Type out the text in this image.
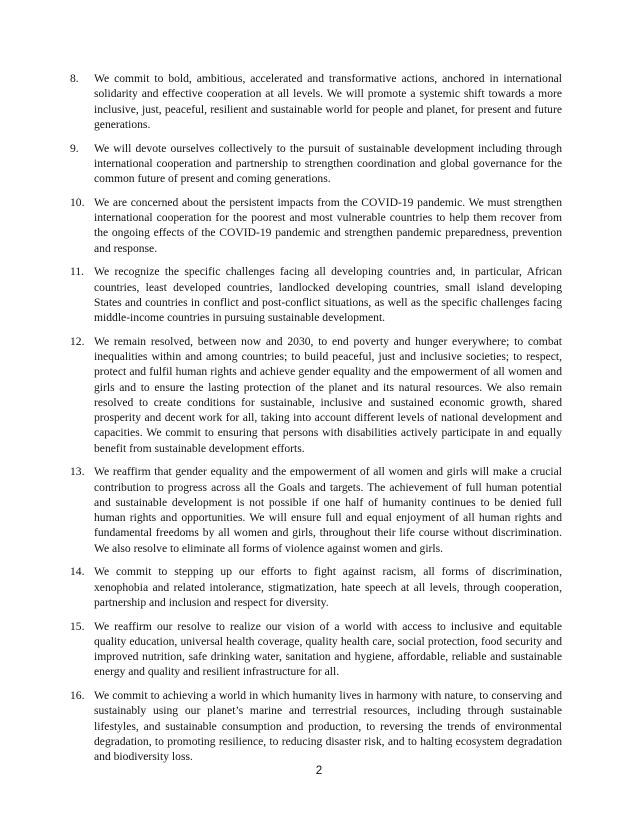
8.	We commit to bold, ambitious, accelerated and transformative actions, anchored in international solidarity and effective cooperation at all levels. We will promote a systemic shift towards a more inclusive, just, peaceful, resilient and sustainable world for people and planet, for present and future generations.
9.	We will devote ourselves collectively to the pursuit of sustainable development including through international cooperation and partnership to strengthen coordination and global governance for the common future of present and coming generations.
10. We are concerned about the persistent impacts from the COVID-19 pandemic. We must strengthen international cooperation for the poorest and most vulnerable countries to help them recover from the ongoing effects of the COVID-19 pandemic and strengthen pandemic preparedness, prevention and response.
11. We recognize the specific challenges facing all developing countries and, in particular, African countries, least developed countries, landlocked developing countries, small island developing States and countries in conflict and post-conflict situations, as well as the specific challenges facing middle-income countries in pursuing sustainable development.
12. We remain resolved, between now and 2030, to end poverty and hunger everywhere; to combat inequalities within and among countries; to build peaceful, just and inclusive societies; to respect, protect and fulfil human rights and achieve gender equality and the empowerment of all women and girls and to ensure the lasting protection of the planet and its natural resources. We also remain resolved to create conditions for sustainable, inclusive and sustained economic growth, shared prosperity and decent work for all, taking into account different levels of national development and capacities. We commit to ensuring that persons with disabilities actively participate in and equally benefit from sustainable development efforts.
13. We reaffirm that gender equality and the empowerment of all women and girls will make a crucial contribution to progress across all the Goals and targets. The achievement of full human potential and sustainable development is not possible if one half of humanity continues to be denied full human rights and opportunities. We will ensure full and equal enjoyment of all human rights and fundamental freedoms by all women and girls, throughout their life course without discrimination. We also resolve to eliminate all forms of violence against women and girls.
14. We commit to stepping up our efforts to fight against racism, all forms of discrimination, xenophobia and related intolerance, stigmatization, hate speech at all levels, through cooperation, partnership and inclusion and respect for diversity.
15. We reaffirm our resolve to realize our vision of a world with access to inclusive and equitable quality education, universal health coverage, quality health care, social protection, food security and improved nutrition, safe drinking water, sanitation and hygiene, affordable, reliable and sustainable energy and quality and resilient infrastructure for all.
16. We commit to achieving a world in which humanity lives in harmony with nature, to conserving and sustainably using our planet’s marine and terrestrial resources, including through sustainable lifestyles, and sustainable consumption and production, to reversing the trends of environmental degradation, to promoting resilience, to reducing disaster risk, and to halting ecosystem degradation and biodiversity loss.
2
